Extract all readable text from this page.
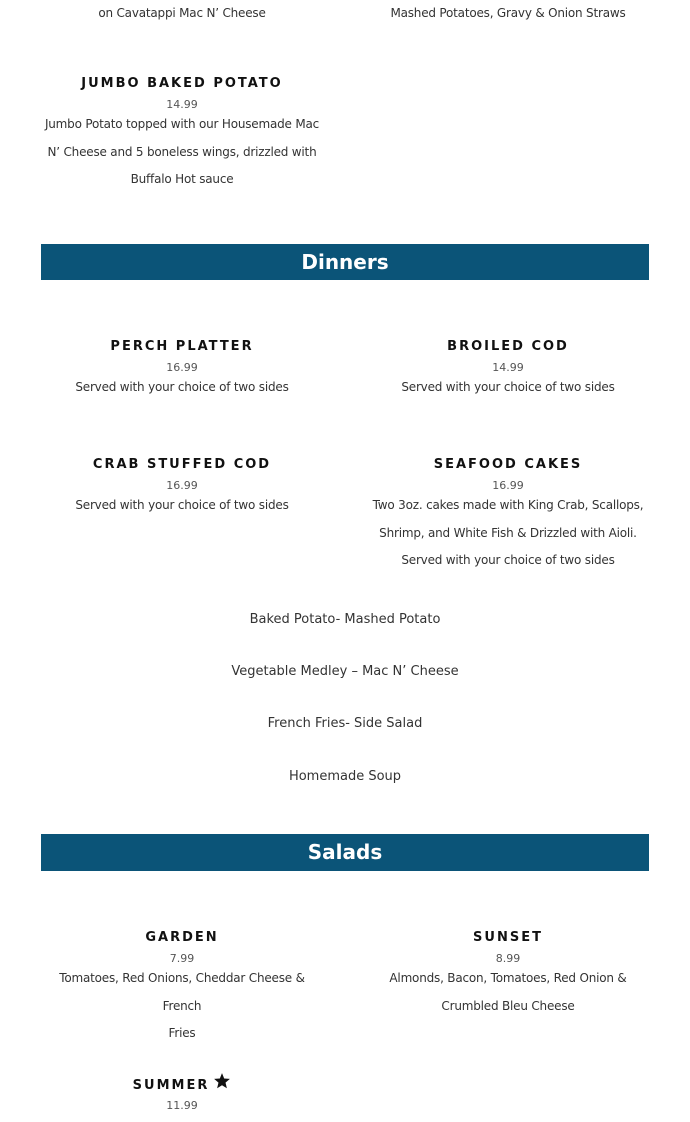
on Cavatappi Mac N’ Cheese	Mashed Potatoes, Gravy & Onion Straws
JUMBO BAKED POTATO
14.99
Jumbo Potato topped with our Housemade Mac
N’ Cheese and 5 boneless wings, drizzled with
Buffalo Hot sauce
Dinners
PERCH PLATTER
16.99
Served with your choice of two sides
BROILED COD
14.99
Served with your choice of two sides
CRAB STUFFED COD
16.99
Served with your choice of two sides
SEAFOOD CAKES
16.99
Two 3oz. cakes made with King Crab, Scallops,
Shrimp, and White Fish & Drizzled with Aioli.
Served with your choice of two sides
Baked Potato- Mashed Potato
Vegetable Medley – Mac N’ Cheese
French Fries- Side Salad
Homemade Soup
Salads
GARDEN
7.99
Tomatoes, Red Onions, Cheddar Cheese & French
Fries
SUNSET
8.99
Almonds, Bacon, Tomatoes, Red Onion &
Crumbled Bleu Cheese
SUMMER
11.99
